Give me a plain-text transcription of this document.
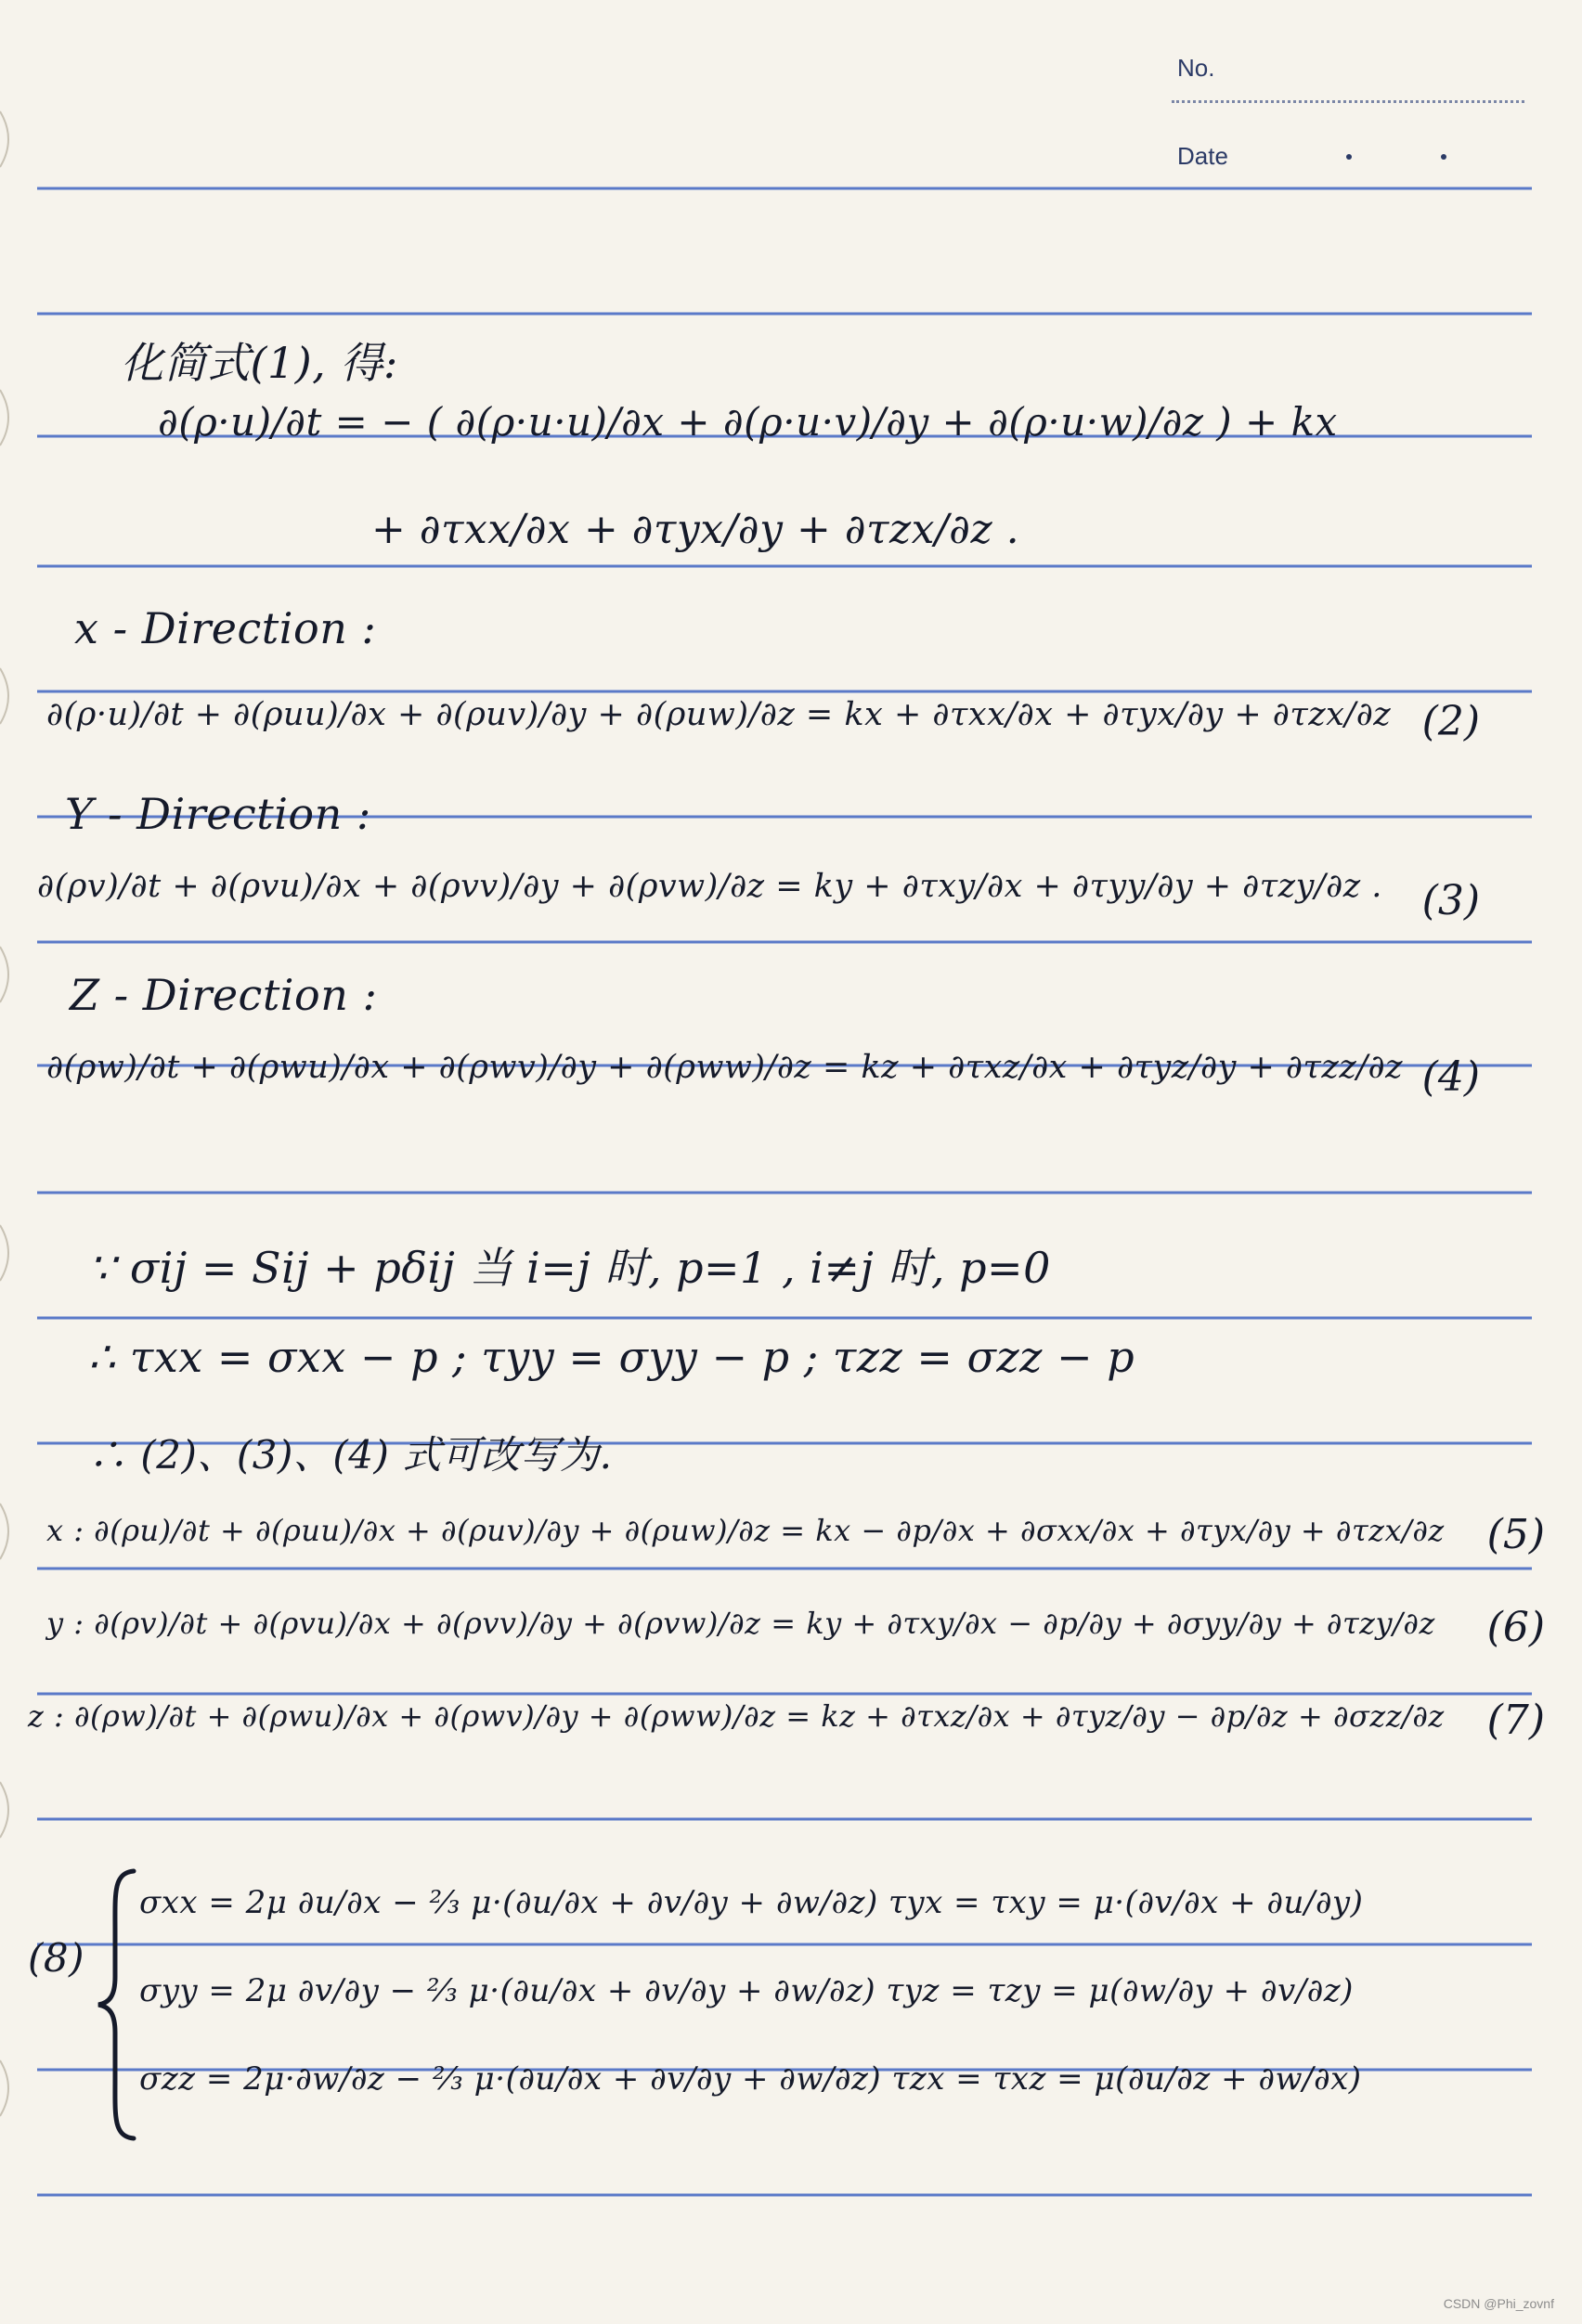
No.
Date
化简式(1), 得:
∂(ρ·u)/∂t = − ( ∂(ρ·u·u)/∂x + ∂(ρ·u·v)/∂y + ∂(ρ·u·w)/∂z ) + kx
+ ∂τxx/∂x + ∂τyx/∂y + ∂τzx/∂z .
x - Direction :
∂(ρ·u)/∂t + ∂(ρuu)/∂x + ∂(ρuv)/∂y + ∂(ρuw)/∂z = kx + ∂τxx/∂x + ∂τyx/∂y + ∂τzx/∂z (2)
Y - Direction :
∂(ρv)/∂t + ∂(ρvu)/∂x + ∂(ρvv)/∂y + ∂(ρvw)/∂z = ky + ∂τxy/∂x + ∂τyy/∂y + ∂τzy/∂z . (3)
Z - Direction :
∂(ρw)/∂t + ∂(ρwu)/∂x + ∂(ρwv)/∂y + ∂(ρww)/∂z = kz + ∂τxz/∂x + ∂τyz/∂y + ∂τzz/∂z (4)
∵ σij = Sij + pδij 当 i=j 时, p=1 , i≠j 时, p=0
∴ τxx = σxx − p ; τyy = σyy − p ; τzz = σzz − p
∴ (2)、(3)、(4) 式可改写为.
x : ∂(ρu)/∂t + ∂(ρuu)/∂x + ∂(ρuv)/∂y + ∂(ρuw)/∂z = kx − ∂p/∂x + ∂σxx/∂x + ∂τyx/∂y + ∂τzx/∂z (5)
y : ∂(ρv)/∂t + ∂(ρvu)/∂x + ∂(ρvv)/∂y + ∂(ρvw)/∂z = ky + ∂τxy/∂x − ∂p/∂y + ∂σyy/∂y + ∂τzy/∂z (6)
z : ∂(ρw)/∂t + ∂(ρwu)/∂x + ∂(ρwv)/∂y + ∂(ρww)/∂z = kz + ∂τxz/∂x + ∂τyz/∂y − ∂p/∂z + ∂σzz/∂z (7)
(8)
σxx = 2μ ∂u/∂x − ⅔ μ·(∂u/∂x + ∂v/∂y + ∂w/∂z) τyx = τxy = μ·(∂v/∂x + ∂u/∂y)
σyy = 2μ ∂v/∂y − ⅔ μ·(∂u/∂x + ∂v/∂y + ∂w/∂z) τyz = τzy = μ(∂w/∂y + ∂v/∂z)
σzz = 2μ·∂w/∂z − ⅔ μ·(∂u/∂x + ∂v/∂y + ∂w/∂z) τzx = τxz = μ(∂u/∂z + ∂w/∂x)
CSDN @Phi_zovnf
